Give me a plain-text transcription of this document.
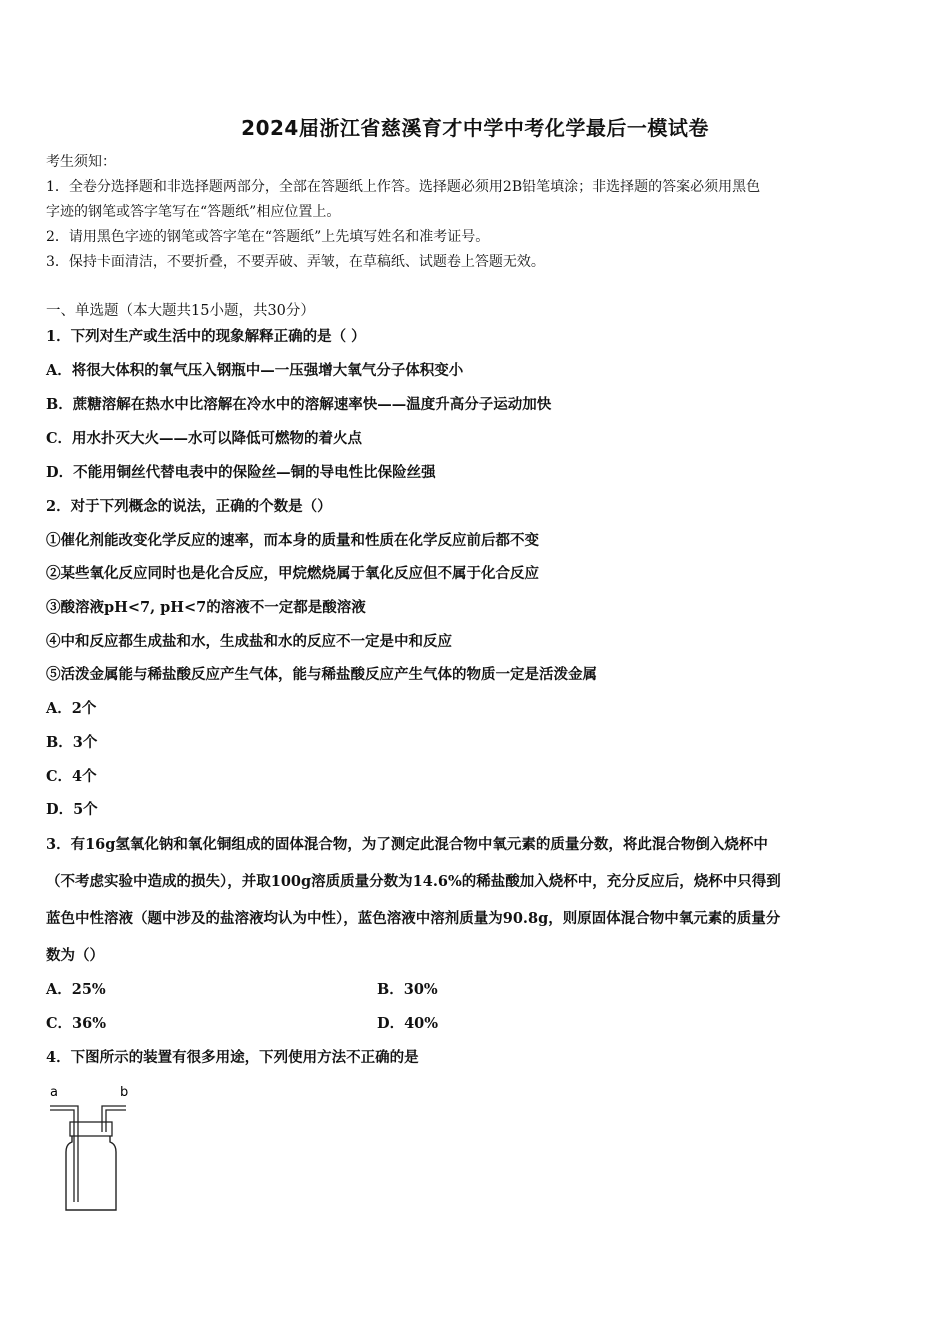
2024届浙江省慈溪育才中学中考化学最后一模试卷
考生须知：
1．全卷分选择题和非选择题两部分，全部在答题纸上作答。选择题必须用2B铅笔填涂；非选择题的答案必须用黑色
字迹的钢笔或答字笔写在“答题纸”相应位置上。
2．请用黑色字迹的钢笔或答字笔在“答题纸”上先填写姓名和准考证号。
3．保持卡面清洁，不要折叠，不要弄破、弄皱，在草稿纸、试题卷上答题无效。
一、单选题（本大题共15小题，共30分）
1．下列对生产或生活中的现象解释正确的是（ ）
A．将很大体积的氧气压入钢瓶中—一压强增大氧气分子体积变小
B．蔗糖溶解在热水中比溶解在冷水中的溶解速率快——温度升高分子运动加快
C．用水扑灭大火——水可以降低可燃物的着火点
D．不能用铜丝代替电表中的保险丝—铜的导电性比保险丝强
2．对于下列概念的说法，正确的个数是（）
①催化剂能改变化学反应的速率，而本身的质量和性质在化学反应前后都不变
②某些氧化反应同时也是化合反应，甲烷燃烧属于氧化反应但不属于化合反应
③酸溶液pH<7, pH<7的溶液不一定都是酸溶液
④中和反应都生成盐和水，生成盐和水的反应不一定是中和反应
⑤活泼金属能与稀盐酸反应产生气体，能与稀盐酸反应产生气体的物质一定是活泼金属
A．2个
B．3个
C．4个
D．5个
3．有16g氢氧化钠和氧化铜组成的固体混合物，为了测定此混合物中氧元素的质量分数，将此混合物倒入烧杯中
（不考虑实验中造成的损失），并取100g溶质质量分数为14.6%的稀盐酸加入烧杯中，充分反应后，烧杯中只得到
蓝色中性溶液（题中涉及的盐溶液均认为中性），蓝色溶液中溶剂质量为90.8g，则原固体混合物中氧元素的质量分
数为（）
A．25%	B．30%
C．36%	D．40%
4．下图所示的装置有很多用途，下列使用方法不正确的是
a	b
